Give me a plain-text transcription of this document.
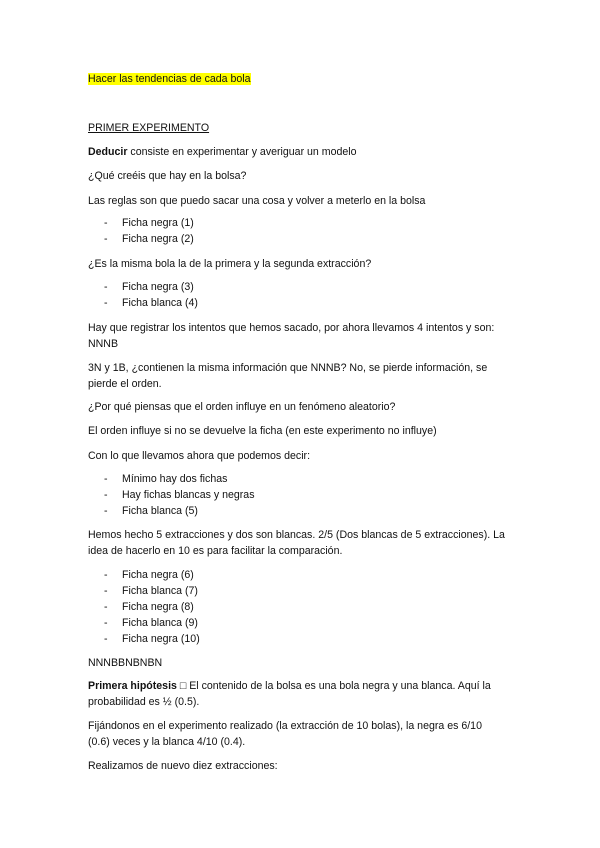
Hacer las tendencias de cada bola
PRIMER EXPERIMENTO
Deducir consiste en experimentar y averiguar un modelo
¿Qué creéis que hay en la bolsa?
Las reglas son que puedo sacar una cosa y volver a meterlo en la bolsa
- Ficha negra (1)
- Ficha negra (2)
¿Es la misma bola la de la primera y la segunda extracción?
- Ficha negra (3)
- Ficha blanca (4)
Hay que registrar los intentos que hemos sacado, por ahora llevamos 4 intentos y son:
NNNB
3N y 1B, ¿contienen la misma información que NNNB? No, se pierde información, se
pierde el orden.
¿Por qué piensas que el orden influye en un fenómeno aleatorio?
El orden influye si no se devuelve la ficha (en este experimento no influye)
Con lo que llevamos ahora que podemos decir:
- Mínimo hay dos fichas
- Hay fichas blancas y negras
- Ficha blanca (5)
Hemos hecho 5 extracciones y dos son blancas. 2/5 (Dos blancas de 5 extracciones). La
idea de hacerlo en 10 es para facilitar la comparación.
- Ficha negra (6)
- Ficha blanca (7)
- Ficha negra (8)
- Ficha blanca (9)
- Ficha negra (10)
NNNBBNBNBN
Primera hipótesis □ El contenido de la bolsa es una bola negra y una blanca. Aquí la
probabilidad es ½ (0.5).
Fijándonos en el experimento realizado (la extracción de 10 bolas), la negra es 6/10
(0.6) veces y la blanca 4/10 (0.4).
Realizamos de nuevo diez extracciones:
